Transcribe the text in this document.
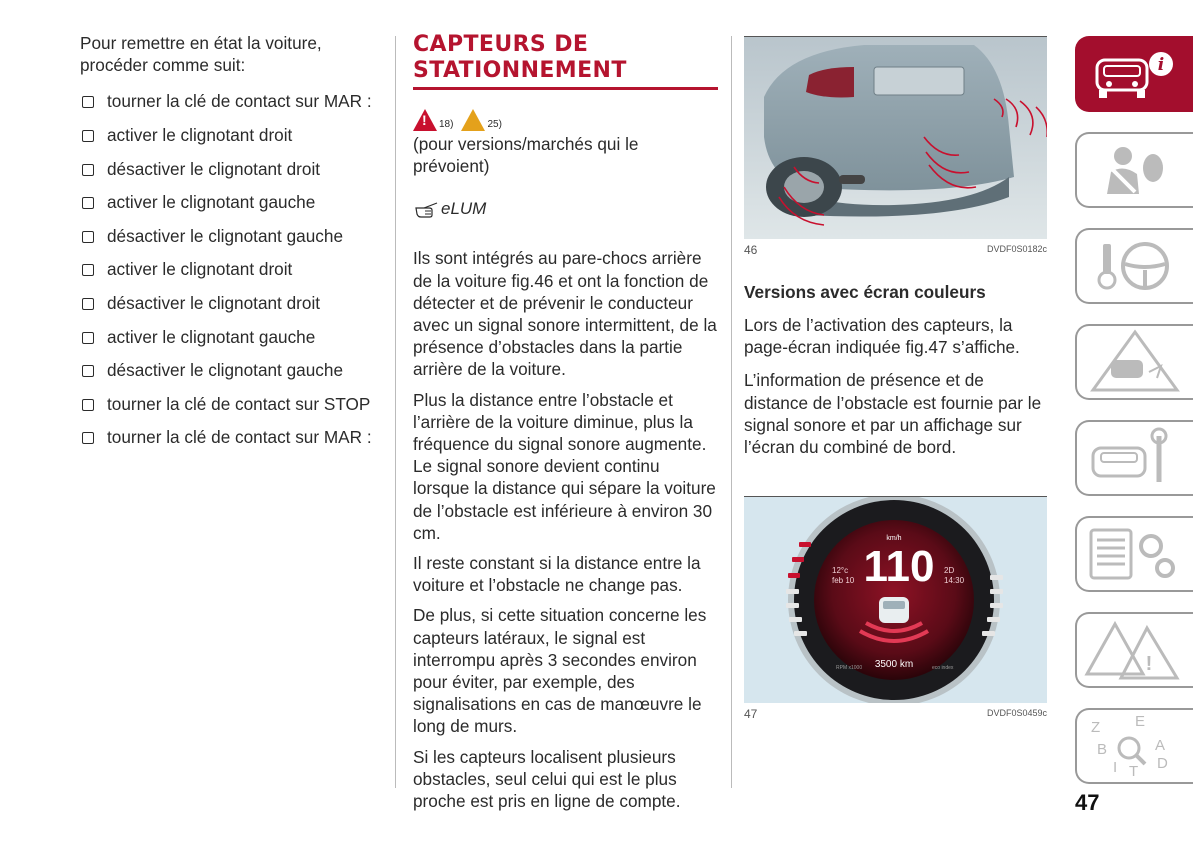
Pour remettre en état la voiture, procéder comme suit:

tourner la clé de contact sur MAR :
activer le clignotant droit
désactiver le clignotant droit
activer le clignotant gauche
désactiver le clignotant gauche
activer le clignotant droit
désactiver le clignotant droit
activer le clignotant gauche
désactiver le clignotant gauche
tourner la clé de contact sur STOP
tourner la clé de contact sur MAR :
CAPTEURS DE
STATIONNEMENT
! 18)	25)

(pour versions/marchés qui le prévoient)

eLUM

Ils sont intégrés au pare-chocs arrière de la voiture fig.46 et ont la fonction de détecter et de prévenir le conducteur avec un signal sonore intermittent, de la présence d’obstacles dans la partie arrière de la voiture.

Plus la distance entre l’obstacle et l’arrière de la voiture diminue, plus la fréquence du signal sonore augmente. Le signal sonore devient continu lorsque la distance qui sépare la voiture de l’obstacle est inférieure à environ 30 cm.

Il reste constant si la distance entre la voiture et l’obstacle ne change pas.

De plus, si cette situation concerne les capteurs latéraux, le signal est interrompu après 3 secondes environ pour éviter, par exemple, des signalisations en cas de manœuvre le long de murs.

Si les capteurs localisent plusieurs obstacles, seul celui qui est le plus proche est pris en ligne de compte.

46	DVDF0S0182c

Versions avec écran couleurs

Lors de l’activation des capteurs, la page-écran indiquée fig.47 s’affiche.

L’information de présence et de distance de l’obstacle est fournie par le signal sonore et par un affichage sur l’écran du combiné de bord.

km/h
110
12°c
feb 10
2D
14:30
3500 km
RPM x1000	eco index
47	DVDF0S0459c
i
!
Z E
B	A
I T D
47
